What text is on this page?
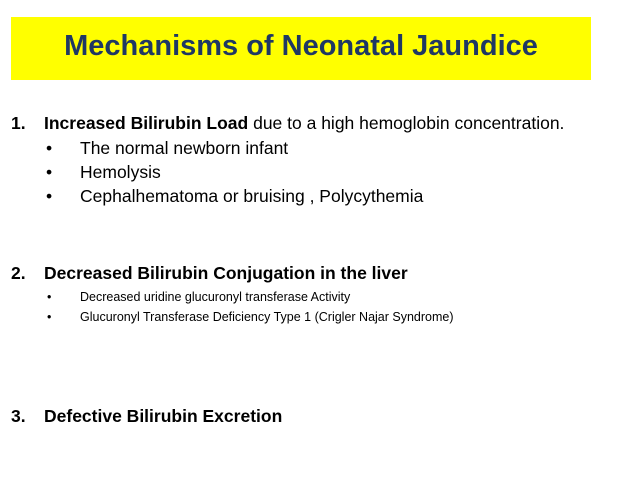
Mechanisms of Neonatal Jaundice
1. Increased Bilirubin Load due to a high hemoglobin concentration.
• The normal newborn infant
• Hemolysis
• Cephalhematoma or bruising , Polycythemia
2. Decreased Bilirubin Conjugation in the liver
• Decreased uridine glucuronyl transferase Activity
• Glucuronyl Transferase Deficiency Type 1 (Crigler Najar Syndrome)
3. Defective Bilirubin Excretion
